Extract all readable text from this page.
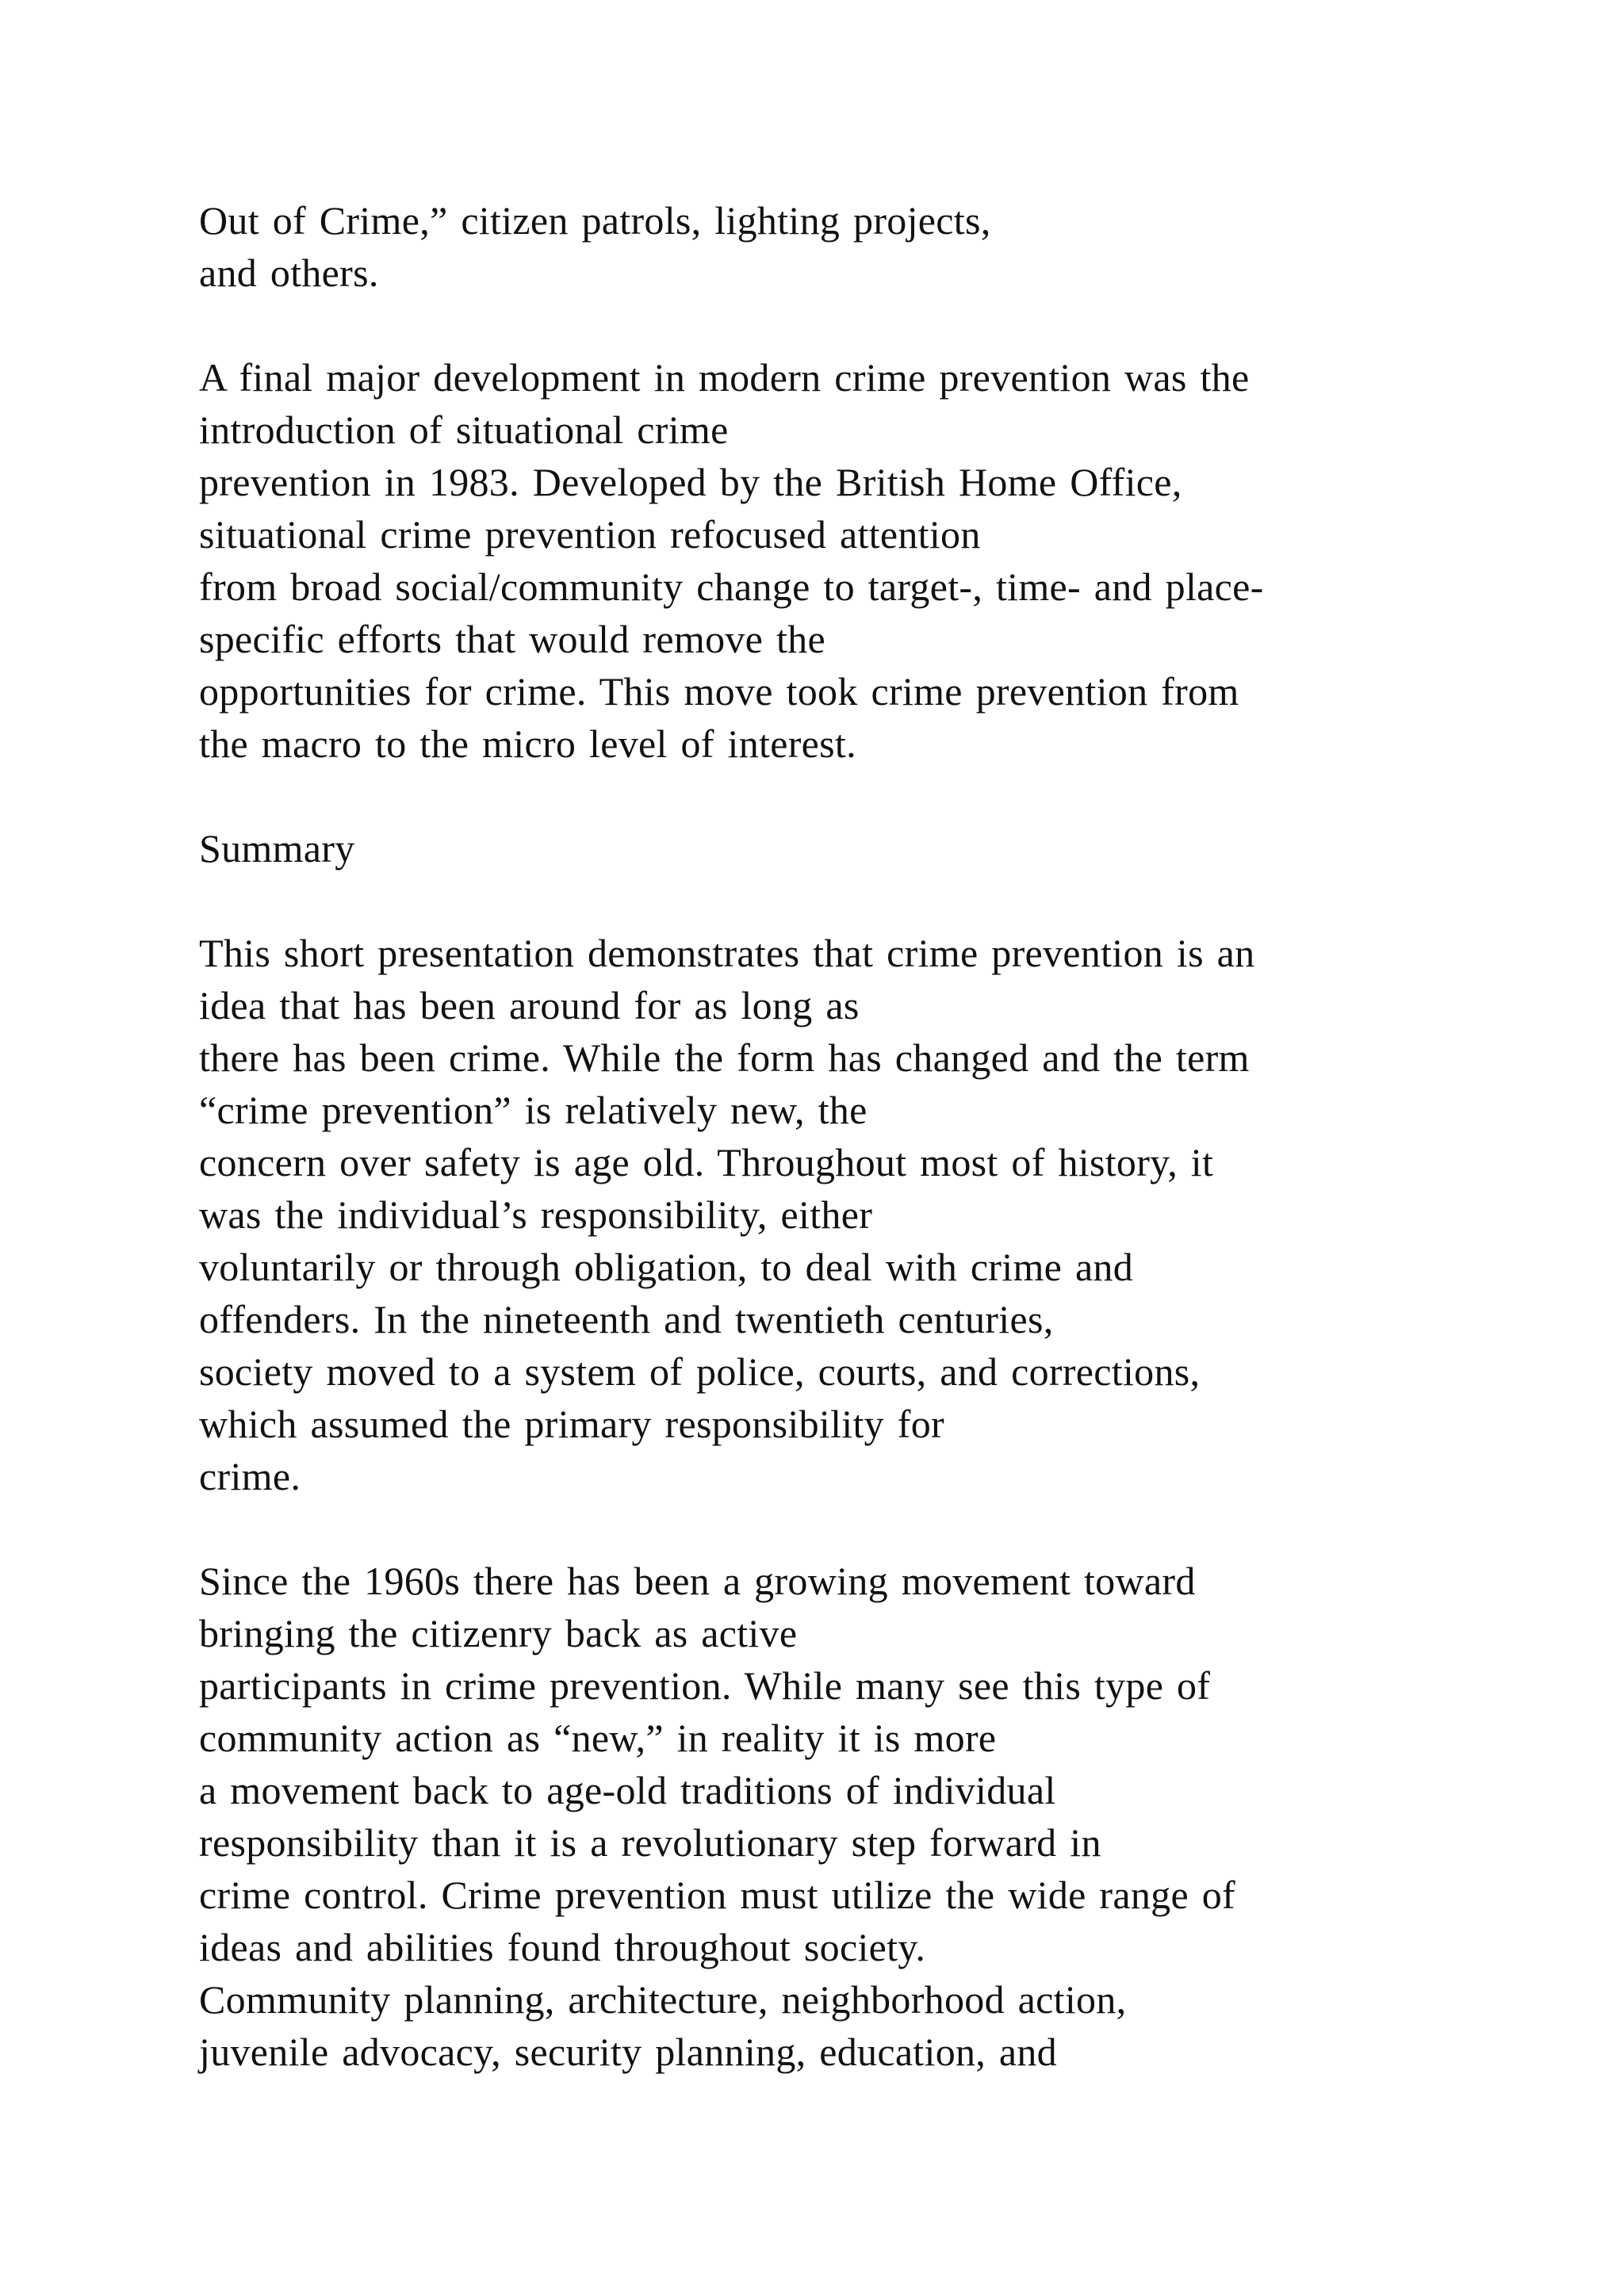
Out of Crime,” citizen patrols, lighting projects,
and others.
A final major development in modern crime prevention was the
introduction of situational crime
prevention in 1983. Developed by the British Home Office,
situational crime prevention refocused attention
from broad social/community change to target-, time- and place-
specific efforts that would remove the
opportunities for crime. This move took crime prevention from
the macro to the micro level of interest.
Summary
This short presentation demonstrates that crime prevention is an
idea that has been around for as long as
there has been crime. While the form has changed and the term
“crime prevention” is relatively new, the
concern over safety is age old. Throughout most of history, it
was the individual’s responsibility, either
voluntarily or through obligation, to deal with crime and
offenders. In the nineteenth and twentieth centuries,
society moved to a system of police, courts, and corrections,
which assumed the primary responsibility for
crime.
Since the 1960s there has been a growing movement toward
bringing the citizenry back as active
participants in crime prevention. While many see this type of
community action as “new,” in reality it is more
a movement back to age-old traditions of individual
responsibility than it is a revolutionary step forward in
crime control. Crime prevention must utilize the wide range of
ideas and abilities found throughout society.
Community planning, architecture, neighborhood action,
juvenile advocacy, security planning, education, and
